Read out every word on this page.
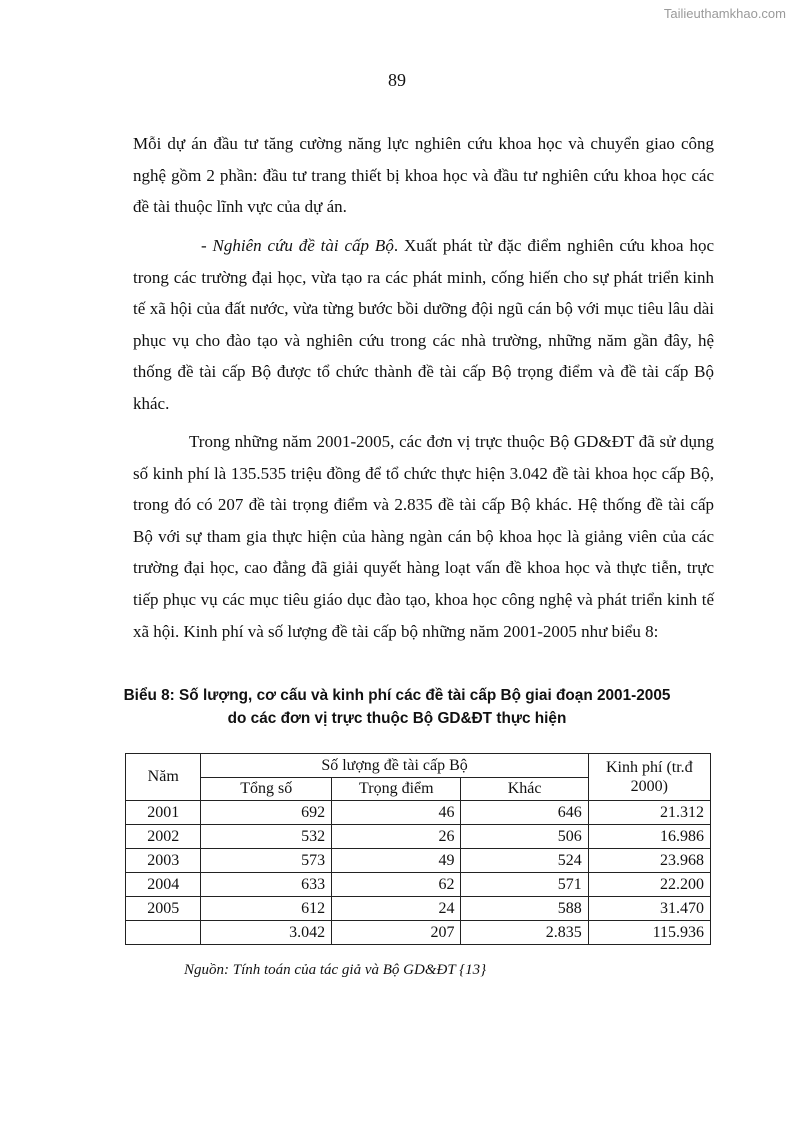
Tailieuthamkhao.com
89

Mỗi dự án đầu tư tăng cường năng lực nghiên cứu khoa học và chuyển giao công nghệ gồm 2 phần: đầu tư trang thiết bị khoa học và đầu tư nghiên cứu khoa học các đề tài thuộc lĩnh vực của dự án.

- Nghiên cứu đề tài cấp Bộ. Xuất phát từ đặc điểm nghiên cứu khoa học trong các trường đại học, vừa tạo ra các phát minh, cống hiến cho sự phát triển kinh tế xã hội của đất nước, vừa từng bước bồi dưỡng đội ngũ cán bộ với mục tiêu lâu dài phục vụ cho đào tạo và nghiên cứu trong các nhà trường, những năm gần đây, hệ thống đề tài cấp Bộ được tổ chức thành đề tài cấp Bộ trọng điểm và đề tài cấp Bộ khác.

Trong những năm 2001-2005, các đơn vị trực thuộc Bộ GD&ĐT đã sử dụng số kinh phí là 135.535 triệu đồng để tổ chức thực hiện 3.042 đề tài khoa học cấp Bộ, trong đó có 207 đề tài trọng điểm và 2.835 đề tài cấp Bộ khác. Hệ thống đề tài cấp Bộ với sự tham gia thực hiện của hàng ngàn cán bộ khoa học là giảng viên của các trường đại học, cao đẳng đã giải quyết hàng loạt vấn đề khoa học và thực tiễn, trực tiếp phục vụ các mục tiêu giáo dục đào tạo, khoa học công nghệ và phát triển kinh tế xã hội. Kinh phí và số lượng đề tài cấp bộ những năm 2001-2005 như biểu 8:

Biểu 8: Số lượng, cơ cấu và kinh phí các đề tài cấp Bộ giai đoạn 2001-2005
do các đơn vị trực thuộc Bộ GD&ĐT thực hiện
Năm	Số lượng đề tài cấp Bộ			Kinh phí (tr.đ 2000)
	Tổng số	Trọng điểm	Khác	
2001	692	46	646	21.312
2002	532	26	506	16.986
2003	573	49	524	23.968
2004	633	62	571	22.200
2005	612	24	588	31.470
	3.042	207	2.835	115.936
Nguồn: Tính toán của tác giả và Bộ GD&ĐT {13}
